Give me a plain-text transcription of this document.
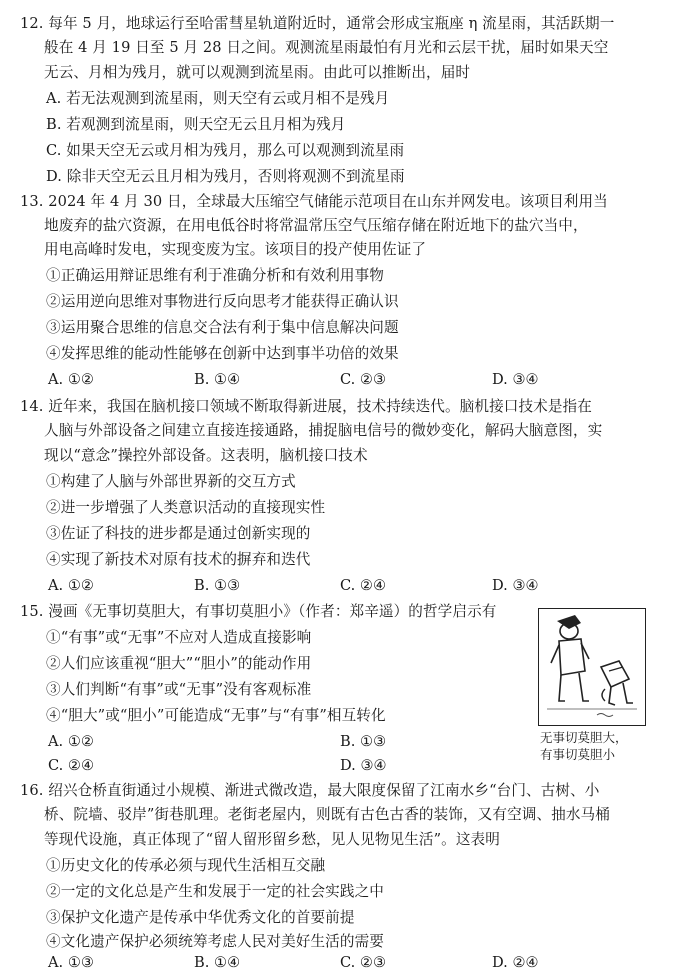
12. 每年 5 月，地球运行至哈雷彗星轨道附近时，通常会形成宝瓶座 η 流星雨，其活跃期一
般在 4 月 19 日至 5 月 28 日之间。观测流星雨最怕有月光和云层干扰，届时如果天空
无云、月相为残月，就可以观测到流星雨。由此可以推断出，届时
A. 若无法观测到流星雨，则天空有云或月相不是残月
B. 若观测到流星雨，则天空无云且月相为残月
C. 如果天空无云或月相为残月，那么可以观测到流星雨
D. 除非天空无云且月相为残月，否则将观测不到流星雨
13. 2024 年 4 月 30 日，全球最大压缩空气储能示范项目在山东并网发电。该项目利用当
地废弃的盐穴资源，在用电低谷时将常温常压空气压缩存储在附近地下的盐穴当中，
用电高峰时发电，实现变废为宝。该项目的投产使用佐证了
①正确运用辩证思维有利于准确分析和有效利用事物
②运用逆向思维对事物进行反向思考才能获得正确认识
③运用聚合思维的信息交合法有利于集中信息解决问题
④发挥思维的能动性能够在创新中达到事半功倍的效果
A. ①②	B. ①④	C. ②③	D. ③④
14. 近年来，我国在脑机接口领域不断取得新进展，技术持续迭代。脑机接口技术是指在
人脑与外部设备之间建立直接连接通路，捕捉脑电信号的微妙变化，解码大脑意图，实
现以“意念”操控外部设备。这表明，脑机接口技术
①构建了人脑与外部世界新的交互方式
②进一步增强了人类意识活动的直接现实性
③佐证了科技的进步都是通过创新实现的
④实现了新技术对原有技术的摒弃和迭代
A. ①②	B. ①③	C. ②④	D. ③④
15. 漫画《无事切莫胆大，有事切莫胆小》（作者：郑辛遥）的哲学启示有
①“有事”或“无事”不应对人造成直接影响
②人们应该重视“胆大”“胆小”的能动作用
③人们判断“有事”或“无事”没有客观标准
④“胆大”或“胆小”可能造成“无事”与“有事”相互转化
A. ①②	B. ①③
C. ②④	D. ③④
无事切莫胆大，
有事切莫胆小
16. 绍兴仓桥直街通过小规模、渐进式微改造，最大限度保留了江南水乡“台门、古树、小
桥、院墙、驳岸”街巷肌理。老街老屋内，则既有古色古香的装饰，又有空调、抽水马桶
等现代设施，真正体现了“留人留形留乡愁，见人见物见生活”。这表明
①历史文化的传承必须与现代生活相互交融
②一定的文化总是产生和发展于一定的社会实践之中
③保护文化遗产是传承中华优秀文化的首要前提
④文化遗产保护必须统筹考虑人民对美好生活的需要
A. ①③	B. ①④	C. ②③	D. ②④
